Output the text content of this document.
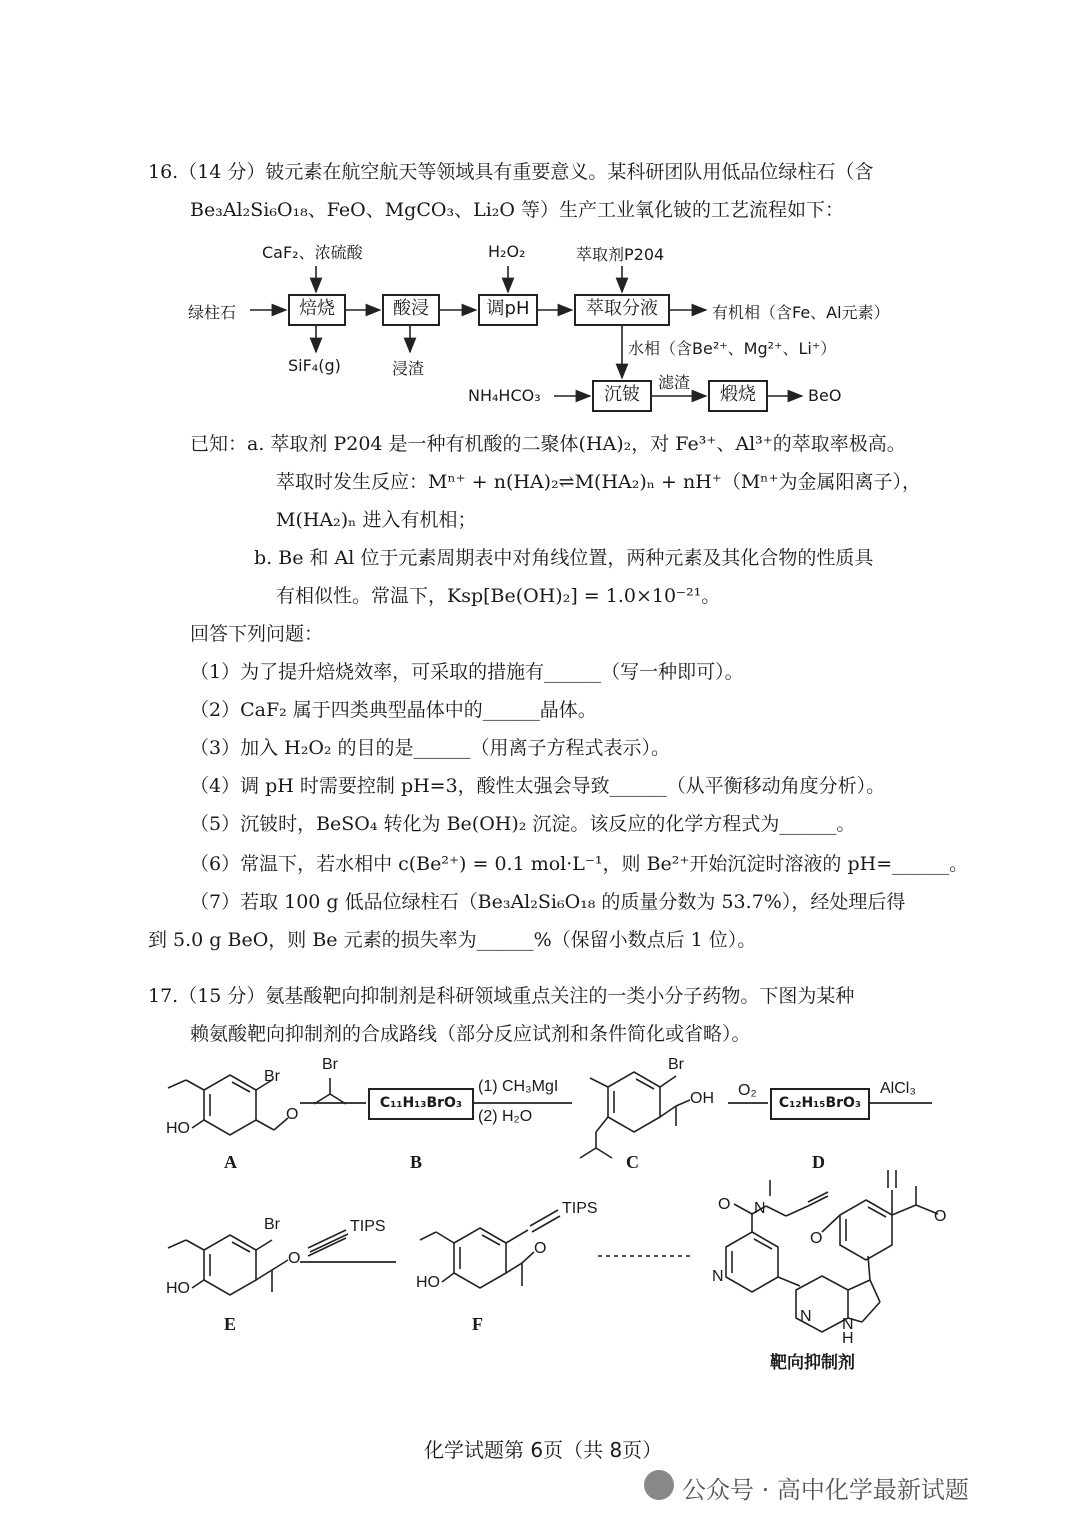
16.（14 分）铍元素在航空航天等领域具有重要意义。某科研团队用低品位绿柱石（含
Be₃Al₂Si₆O₁₈、FeO、MgCO₃、Li₂O 等）生产工业氧化铍的工艺流程如下：
CaF₂、浓硫酸	H₂O₂	萃取剂P204
绿柱石	焙烧	酸浸	调pH	萃取分液	有机相（含Fe、Al元素）
SiF₄(g)	浸渣
水相（含Be²⁺、Mg²⁺、Li⁺）
NH₄HCO₃	沉铍
滤渣
煅烧	BeO
已知：a. 萃取剂 P204 是一种有机酸的二聚体(HA)₂，对 Fe³⁺、Al³⁺的萃取率极高。
萃取时发生反应：Mⁿ⁺ + n(HA)₂⇌M(HA₂)ₙ + nH⁺（Mⁿ⁺为金属阳离子），
M(HA₂)ₙ 进入有机相；
b. Be 和 Al 位于元素周期表中对角线位置，两种元素及其化合物的性质具
有相似性。常温下，Ksp[Be(OH)₂] = 1.0×10⁻²¹。
回答下列问题：
（1）为了提升焙烧效率，可采取的措施有______（写一种即可）。
（2）CaF₂ 属于四类典型晶体中的______晶体。
（3）加入 H₂O₂ 的目的是______（用离子方程式表示）。
（4）调 pH 时需要控制 pH=3，酸性太强会导致______（从平衡移动角度分析）。
（5）沉铍时，BeSO₄ 转化为 Be(OH)₂ 沉淀。该反应的化学方程式为______。
（6）常温下，若水相中 c(Be²⁺) = 0.1 mol·L⁻¹，则 Be²⁺开始沉淀时溶液的 pH=______。
（7）若取 100 g 低品位绿柱石（Be₃Al₂Si₆O₁₈ 的质量分数为 53.7%），经处理后得
到 5.0 g BeO，则 Be 元素的损失率为______%（保留小数点后 1 位）。
17.（15 分）氨基酸靶向抑制剂是科研领域重点关注的一类小分子药物。下图为某种
赖氨酸靶向抑制剂的合成路线（部分反应试剂和条件简化或省略）。
Br
HO
O
A
Br
C₁₁H₁₃BrO₃
B
(1) CH₃MgI
(2) H₂O
Br
OH
C
O₂
C₁₂H₁₅BrO₃
D
AlCl₃
Br
HO
O
E
TIPS
TIPS
HO
O
F
O N
N
N N
H
O
O
靶向抑制剂
化学试题第 6页（共 8页）
公众号 · 高中化学最新试题
